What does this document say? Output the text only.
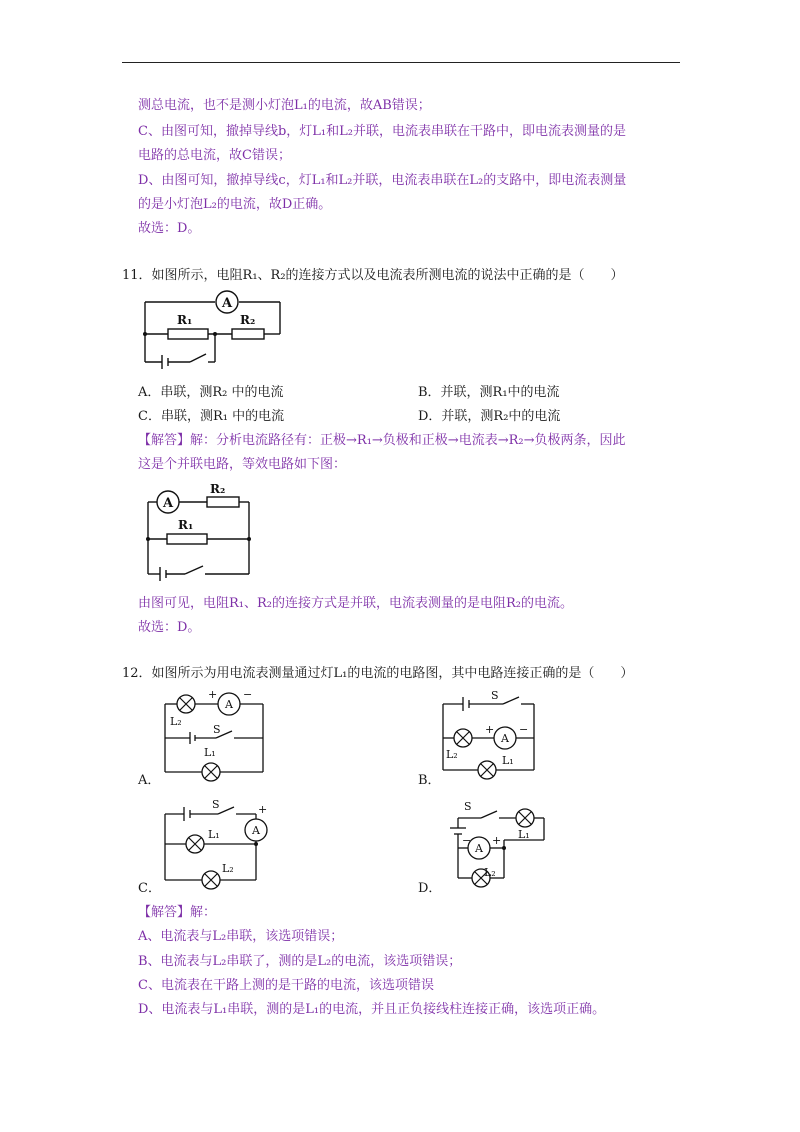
测总电流，也不是测小灯泡L₁的电流，故AB错误；
C、由图可知，撤掉导线b，灯L₁和L₂并联，电流表串联在干路中，即电流表测量的是
电路的总电流，故C错误；
D、由图可知，撤掉导线c，灯L₁和L₂并联，电流表串联在L₂的支路中，即电流表测量
的是小灯泡L₂的电流，故D正确。
故选：D。
11．如图所示，电阻R₁、R₂的连接方式以及电流表所测电流的说法中正确的是（　　）
A
R₁	R₂
A．串联，测R₂ 中的电流	B．并联，测R₁中的电流
C．串联，测R₁ 中的电流	D．并联，测R₂中的电流
【解答】解：分析电流路径有：正极→R₁→负极和正极→电流表→R₂→负极两条，因此
这是个并联电路，等效电路如下图：
A
R₂
R₁
由图可见，电阻R₁、R₂的连接方式是并联，电流表测量的是电阻R₂的电流。
故选：D。
12．如图所示为用电流表测量通过灯L₁的电流的电路图，其中电路连接正确的是（　　）
A
+ −
L₂
S
L₁
A．
S
A
+ −
L₂	L₁
B．
S
A
+
L₁
L₂
C．
S
L₁
A
− +
L₂
D．
【解答】解：
A、电流表与L₂串联，该选项错误；
B、电流表与L₂串联了，测的是L₂的电流，该选项错误；
C、电流表在干路上测的是干路的电流，该选项错误
D、电流表与L₁串联，测的是L₁的电流，并且正负接线柱连接正确，该选项正确。
